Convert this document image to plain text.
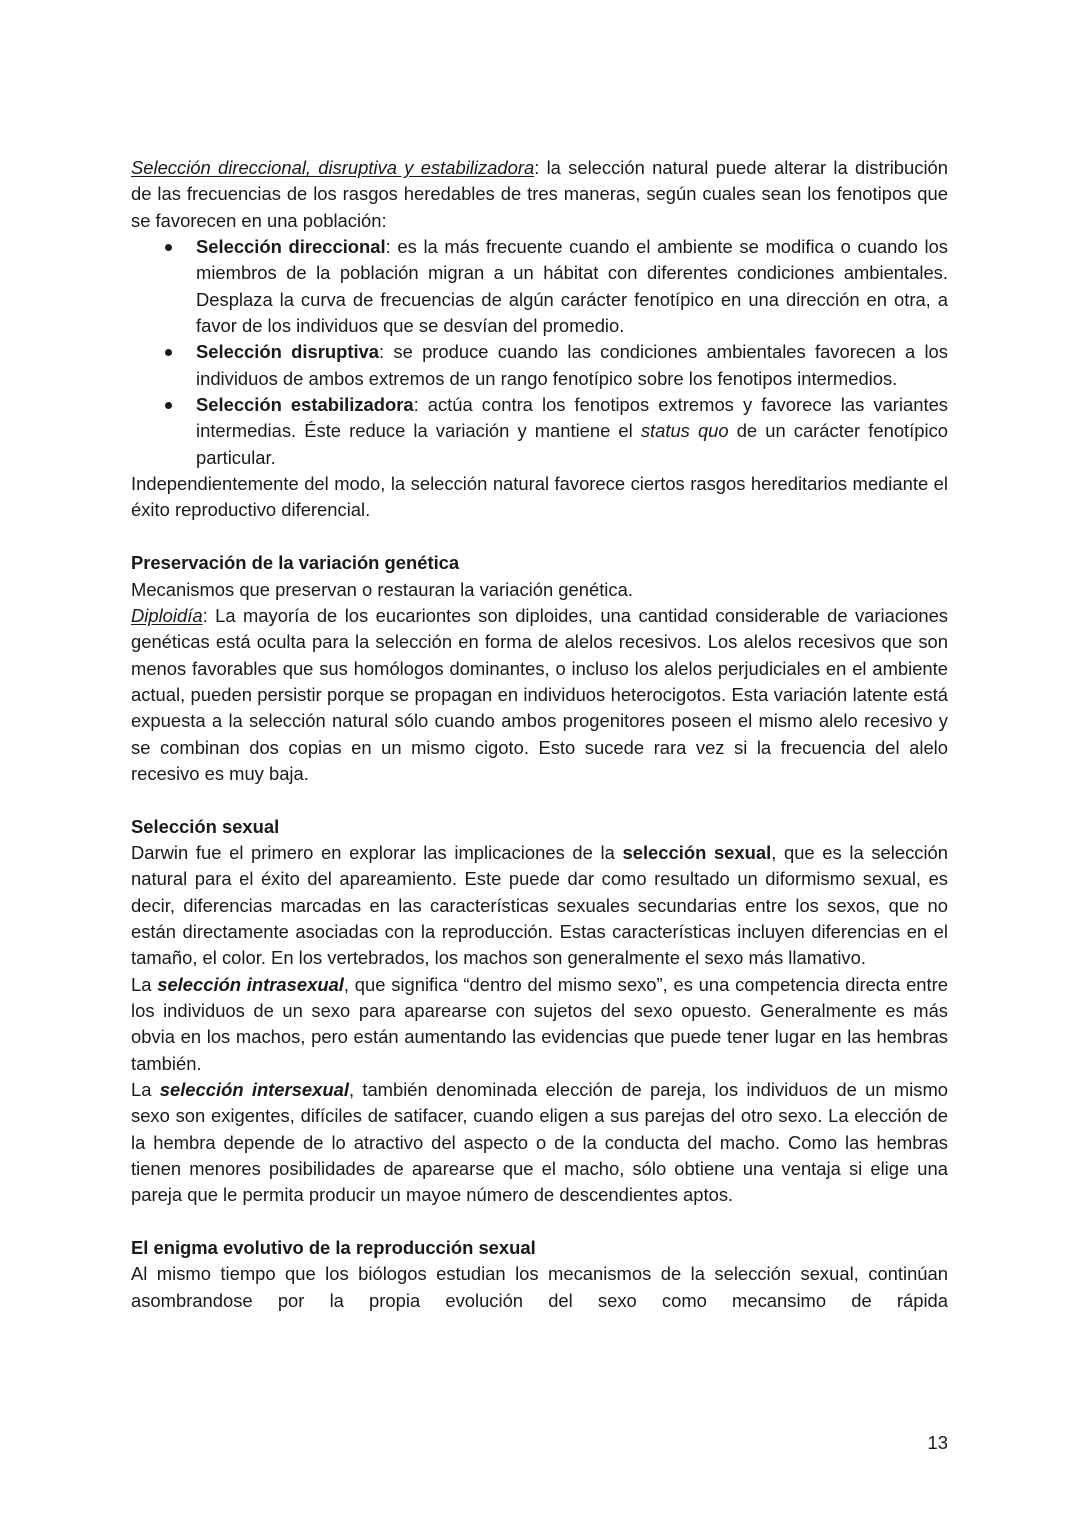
Selección direccional, disruptiva y estabilizadora: la selección natural puede alterar la distribución de las frecuencias de los rasgos heredables de tres maneras, según cuales sean los fenotipos que se favorecen en una población:

Selección direccional: es la más frecuente cuando el ambiente se modifica o cuando los miembros de la población migran a un hábitat con diferentes condiciones ambientales. Desplaza la curva de frecuencias de algún carácter fenotípico en una dirección en otra, a favor de los individuos que se desvían del promedio.
Selección disruptiva: se produce cuando las condiciones ambientales favorecen a los individuos de ambos extremos de un rango fenotípico sobre los fenotipos intermedios.
Selección estabilizadora: actúa contra los fenotipos extremos y favorece las variantes intermedias. Éste reduce la variación y mantiene el status quo de un carácter fenotípico particular.

Independientemente del modo, la selección natural favorece ciertos rasgos hereditarios mediante el éxito reproductivo diferencial.

Preservación de la variación genética

Mecanismos que preservan o restauran la variación genética.

Diploidía: La mayoría de los eucariontes son diploides, una cantidad considerable de variaciones genéticas está oculta para la selección en forma de alelos recesivos. Los alelos recesivos que son menos favorables que sus homólogos dominantes, o incluso los alelos perjudiciales en el ambiente actual, pueden persistir porque se propagan en individuos heterocigotos. Esta variación latente está expuesta a la selección natural sólo cuando ambos progenitores poseen el mismo alelo recesivo y se combinan dos copias en un mismo cigoto. Esto sucede rara vez si la frecuencia del alelo recesivo es muy baja.

Selección sexual

Darwin fue el primero en explorar las implicaciones de la selección sexual, que es la selección natural para el éxito del apareamiento. Este puede dar como resultado un diformismo sexual, es decir, diferencias marcadas en las características sexuales secundarias entre los sexos, que no están directamente asociadas con la reproducción. Estas características incluyen diferencias en el tamaño, el color. En los vertebrados, los machos son generalmente el sexo más llamativo.

La selección intrasexual, que significa “dentro del mismo sexo”, es una competencia directa entre los individuos de un sexo para aparearse con sujetos del sexo opuesto. Generalmente es más obvia en los machos, pero están aumentando las evidencias que puede tener lugar en las hembras también.

La selección intersexual, también denominada elección de pareja, los individuos de un mismo sexo son exigentes, difíciles de satifacer, cuando eligen a sus parejas del otro sexo. La elección de la hembra depende de lo atractivo del aspecto o de la conducta del macho. Como las hembras tienen menores posibilidades de aparearse que el macho, sólo obtiene una ventaja si elige una pareja que le permita producir un mayoe número de descendientes aptos.

El enigma evolutivo de la reproducción sexual

Al mismo tiempo que los biólogos estudian los mecanismos de la selección sexual, continúan asombrandose por la propia evolución del sexo como mecansimo de rápida

13
